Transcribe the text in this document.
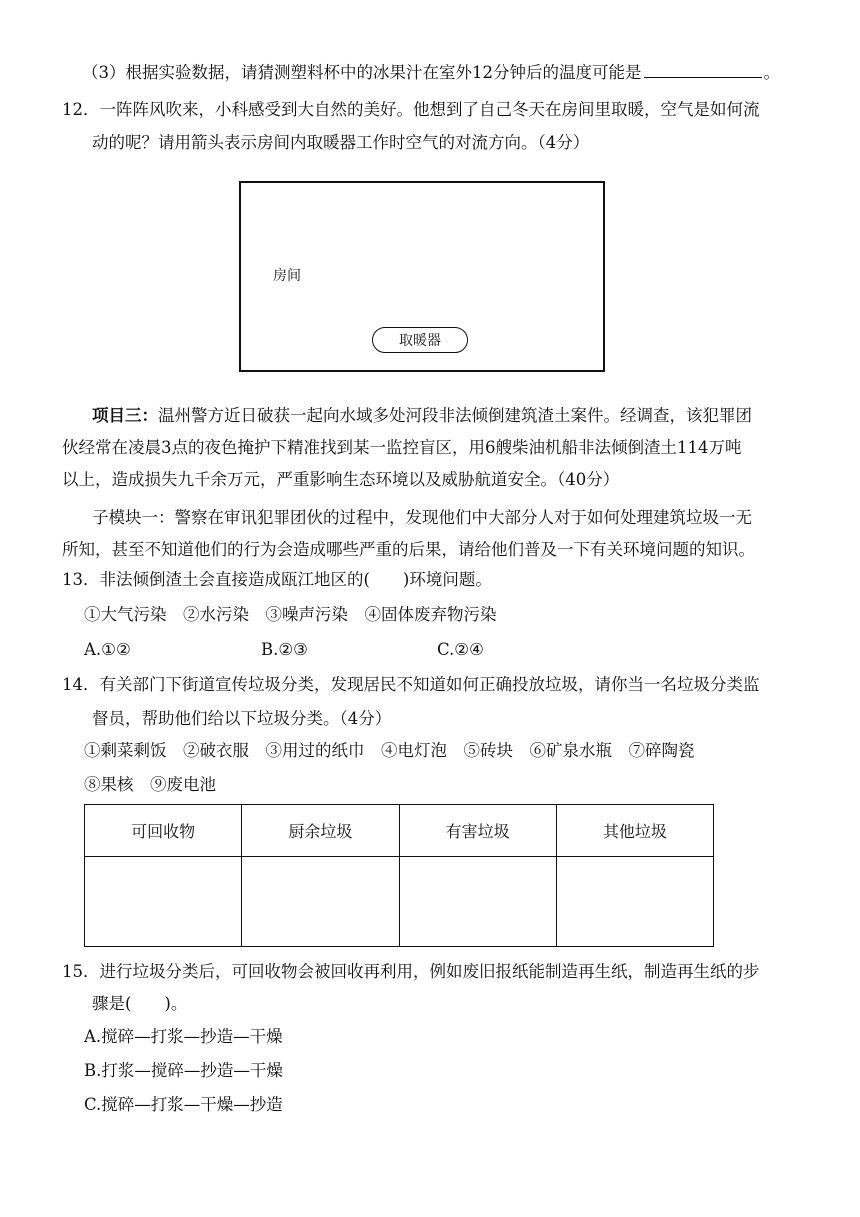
（3）根据实验数据，请猜测塑料杯中的冰果汁在室外12分钟后的温度可能是	。
12．一阵阵风吹来，小科感受到大自然的美好。他想到了自己冬天在房间里取暖，空气是如何流
动的呢？请用箭头表示房间内取暖器工作时空气的对流方向。（4分）
房间
取暖器
项目三：温州警方近日破获一起向水域多处河段非法倾倒建筑渣土案件。经调查，该犯罪团
伙经常在凌晨3点的夜色掩护下精准找到某一监控盲区，用6艘柴油机船非法倾倒渣土114万吨
以上，造成损失九千余万元，严重影响生态环境以及威胁航道安全。（40分）
子模块一：警察在审讯犯罪团伙的过程中，发现他们中大部分人对于如何处理建筑垃圾一无
所知，甚至不知道他们的行为会造成哪些严重的后果，请给他们普及一下有关环境问题的知识。
13．非法倾倒渣土会直接造成瓯江地区的(　　)环境问题。
①大气污染　②水污染　③噪声污染　④固体废弃物污染
A.①②	B.②③	C.②④
14．有关部门下街道宣传垃圾分类，发现居民不知道如何正确投放垃圾，请你当一名垃圾分类监
督员，帮助他们给以下垃圾分类。（4分）
①剩菜剩饭　②破衣服　③用过的纸巾　④电灯泡　⑤砖块　⑥矿泉水瓶　⑦碎陶瓷
⑧果核　⑨废电池
可回收物	厨余垃圾	有害垃圾	其他垃圾

15．进行垃圾分类后，可回收物会被回收再利用，例如废旧报纸能制造再生纸，制造再生纸的步
骤是(　　)。
A.搅碎—打浆—抄造—干燥
B.打浆—搅碎—抄造—干燥
C.搅碎—打浆—干燥—抄造
